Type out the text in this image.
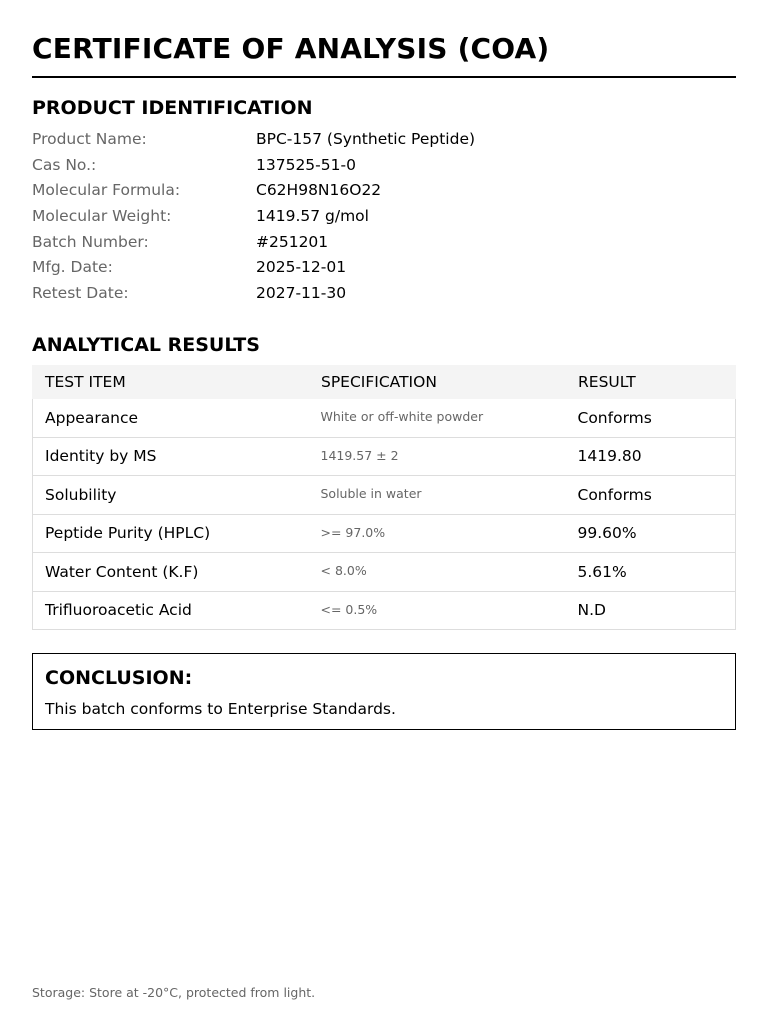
CERTIFICATE OF ANALYSIS (COA)
PRODUCT IDENTIFICATION
Product Name:	BPC-157 (Synthetic Peptide)
Cas No.:	137525-51-0
Molecular Formula:	C62H98N16O22
Molecular Weight:	1419.57 g/mol
Batch Number:	#251201
Mfg. Date:	2025-12-01
Retest Date:	2027-11-30
ANALYTICAL RESULTS
TEST ITEM	SPECIFICATION	RESULT
Appearance	White or off-white powder	Conforms
Identity by MS	1419.57 ± 2	1419.80
Solubility	Soluble in water	Conforms
Peptide Purity (HPLC)	>= 97.0%	99.60%
Water Content (K.F)	< 8.0%	5.61%
Trifluoroacetic Acid	<= 0.5%	N.D
CONCLUSION:

This batch conforms to Enterprise Standards.

Storage: Store at -20°C, protected from light.
